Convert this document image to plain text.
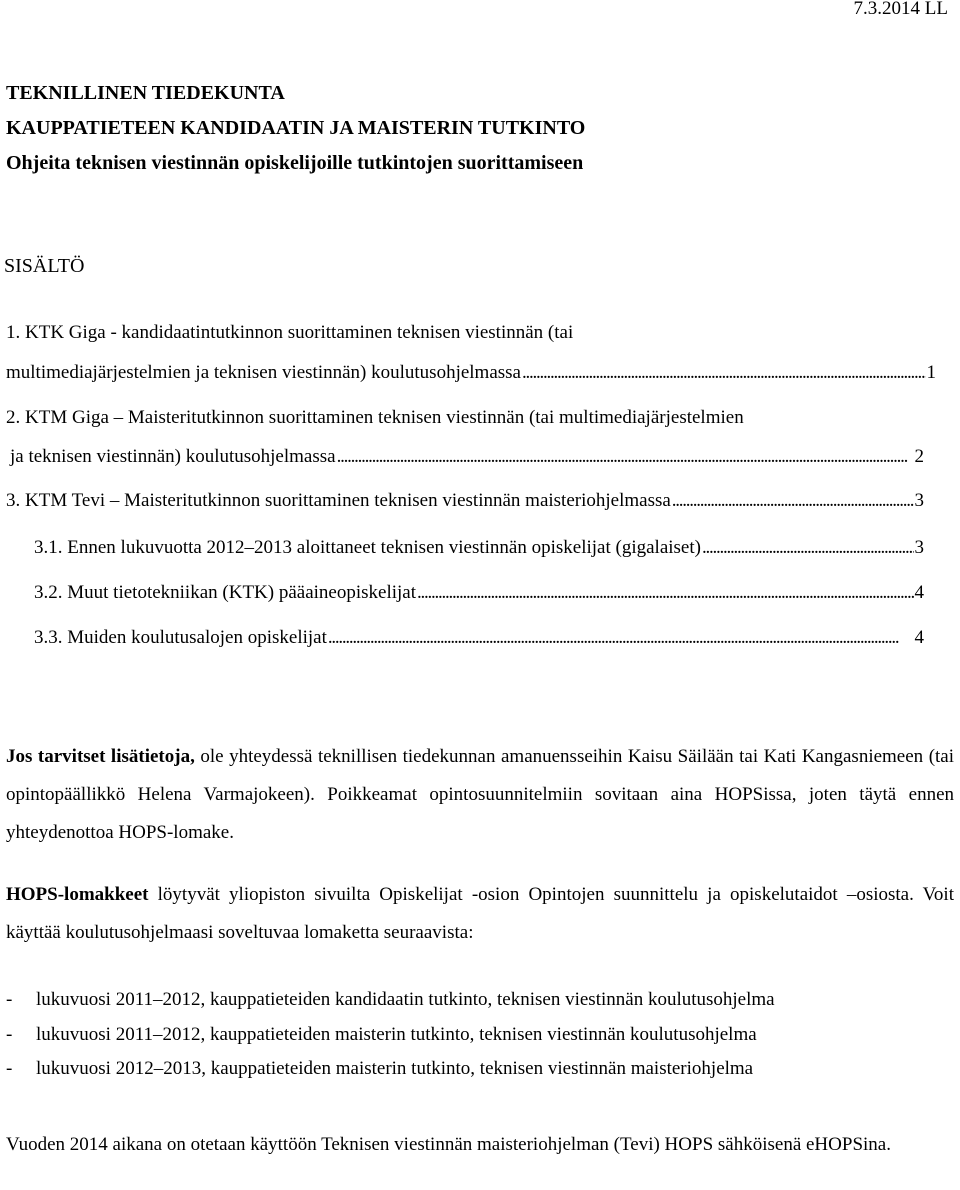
7.3.2014 LL
TEKNILLINEN TIEDEKUNTA
KAUPPATIETEEN KANDIDAATIN JA MAISTERIN TUTKINTO
Ohjeita teknisen viestinnän opiskelijoille tutkintojen suorittamiseen
SISÄLTÖ
1. KTK Giga - kandidaatintutkinnon suorittaminen teknisen viestinnän (tai
multimediajärjestelmien ja teknisen viestinnän) koulutusohjelmassa . . .	1
2. KTM Giga – Maisteritutkinnon suorittaminen teknisen viestinnän (tai multimediajärjestelmien
ja teknisen viestinnän) koulutusohjelmassa . . .	2
3. KTM Tevi – Maisteritutkinnon suorittaminen teknisen viestinnän maisteriohjelmassa . . .	3
3.1. Ennen lukuvuotta 2012–2013 aloittaneet teknisen viestinnän opiskelijat (gigalaiset) . . .	3
3.2. Muut tietotekniikan (KTK) pääaineopiskelijat . . .	4
3.3. Muiden koulutusalojen opiskelijat . . .	4
Jos tarvitset lisätietoja, ole yhteydessä teknillisen tiedekunnan amanuensseihin Kaisu Säilään tai Kati Kangasniemeen (tai opintopäällikkö Helena Varmajokeen). Poikkeamat opintosuunnitelmiin sovitaan aina HOPSissa, joten täytä ennen yhteydenottoa HOPS-lomake.
HOPS-lomakkeet löytyvät yliopiston sivuilta Opiskelijat -osion Opintojen suunnittelu ja opiskelutaidot –osiosta. Voit käyttää koulutusohjelmaasi soveltuvaa lomaketta seuraavista:
- lukuvuosi 2011–2012, kauppatieteiden kandidaatin tutkinto, teknisen viestinnän koulutusohjelma
- lukuvuosi 2011–2012, kauppatieteiden maisterin tutkinto, teknisen viestinnän koulutusohjelma
- lukuvuosi 2012–2013, kauppatieteiden maisterin tutkinto, teknisen viestinnän maisteriohjelma
Vuoden 2014 aikana on otetaan käyttöön Teknisen viestinnän maisteriohjelman (Tevi) HOPS sähköisenä eHOPSina.
